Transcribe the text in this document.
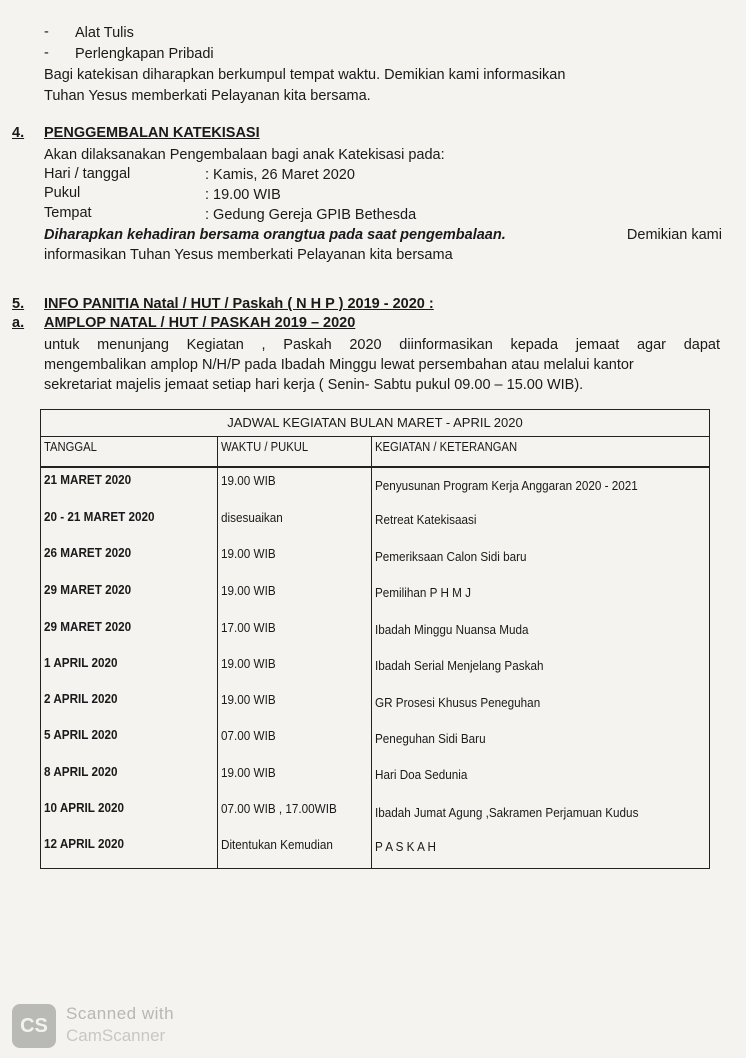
- Alat Tulis
- Perlengkapan Pribadi
Bagi katekisan diharapkan berkumpul tempat waktu. Demikian kami informasikan
Tuhan Yesus memberkati Pelayanan kita bersama.
4. PENGGEMBALAN KATEKISASI
Akan dilaksanakan Pengembalaan bagi anak Katekisasi pada:
Hari / tanggal	: Kamis, 26 Maret 2020
Pukul	: 19.00 WIB
Tempat	: Gedung Gereja GPIB Bethesda
Diharapkan kehadiran bersama orangtua pada saat pengembalaan.	Demikian kami
informasikan Tuhan Yesus memberkati Pelayanan kita bersama
5. INFO PANITIA Natal / HUT / Paskah ( N H P ) 2019 - 2020 :
a. AMPLOP NATAL / HUT / PASKAH 2019 – 2020
untuk menunjang Kegiatan , Paskah 2020 diinformasikan kepada jemaat agar dapat
mengembalikan amplop N/H/P pada Ibadah Minggu lewat persembahan atau melalui kantor
sekretariat majelis jemaat setiap hari kerja ( Senin- Sabtu pukul 09.00 – 15.00 WIB).
JADWAL KEGIATAN BULAN MARET - APRIL 2020
TANGGAL	WAKTU / PUKUL	KEGIATAN / KETERANGAN
21 MARET 2020	19.00 WIB	Penyusunan Program Kerja Anggaran 2020 - 2021
20 - 21 MARET 2020	disesuaikan	Retreat Katekisaasi
26 MARET 2020	19.00 WIB	Pemeriksaan Calon Sidi baru
29 MARET 2020	19.00 WIB	Pemilihan P H M J
29 MARET 2020	17.00 WIB	Ibadah Minggu Nuansa Muda
1 APRIL 2020	19.00 WIB	Ibadah Serial Menjelang Paskah
2 APRIL 2020	19.00 WIB	GR Prosesi Khusus Peneguhan
5 APRIL 2020	07.00 WIB	Peneguhan Sidi Baru
8 APRIL 2020	19.00 WIB	Hari Doa Sedunia
10 APRIL 2020	07.00 WIB , 17.00WIB	Ibadah Jumat Agung ,Sakramen Perjamuan Kudus
12 APRIL 2020	Ditentukan Kemudian	P A S K A H
CS
Scanned with
CamScanner
